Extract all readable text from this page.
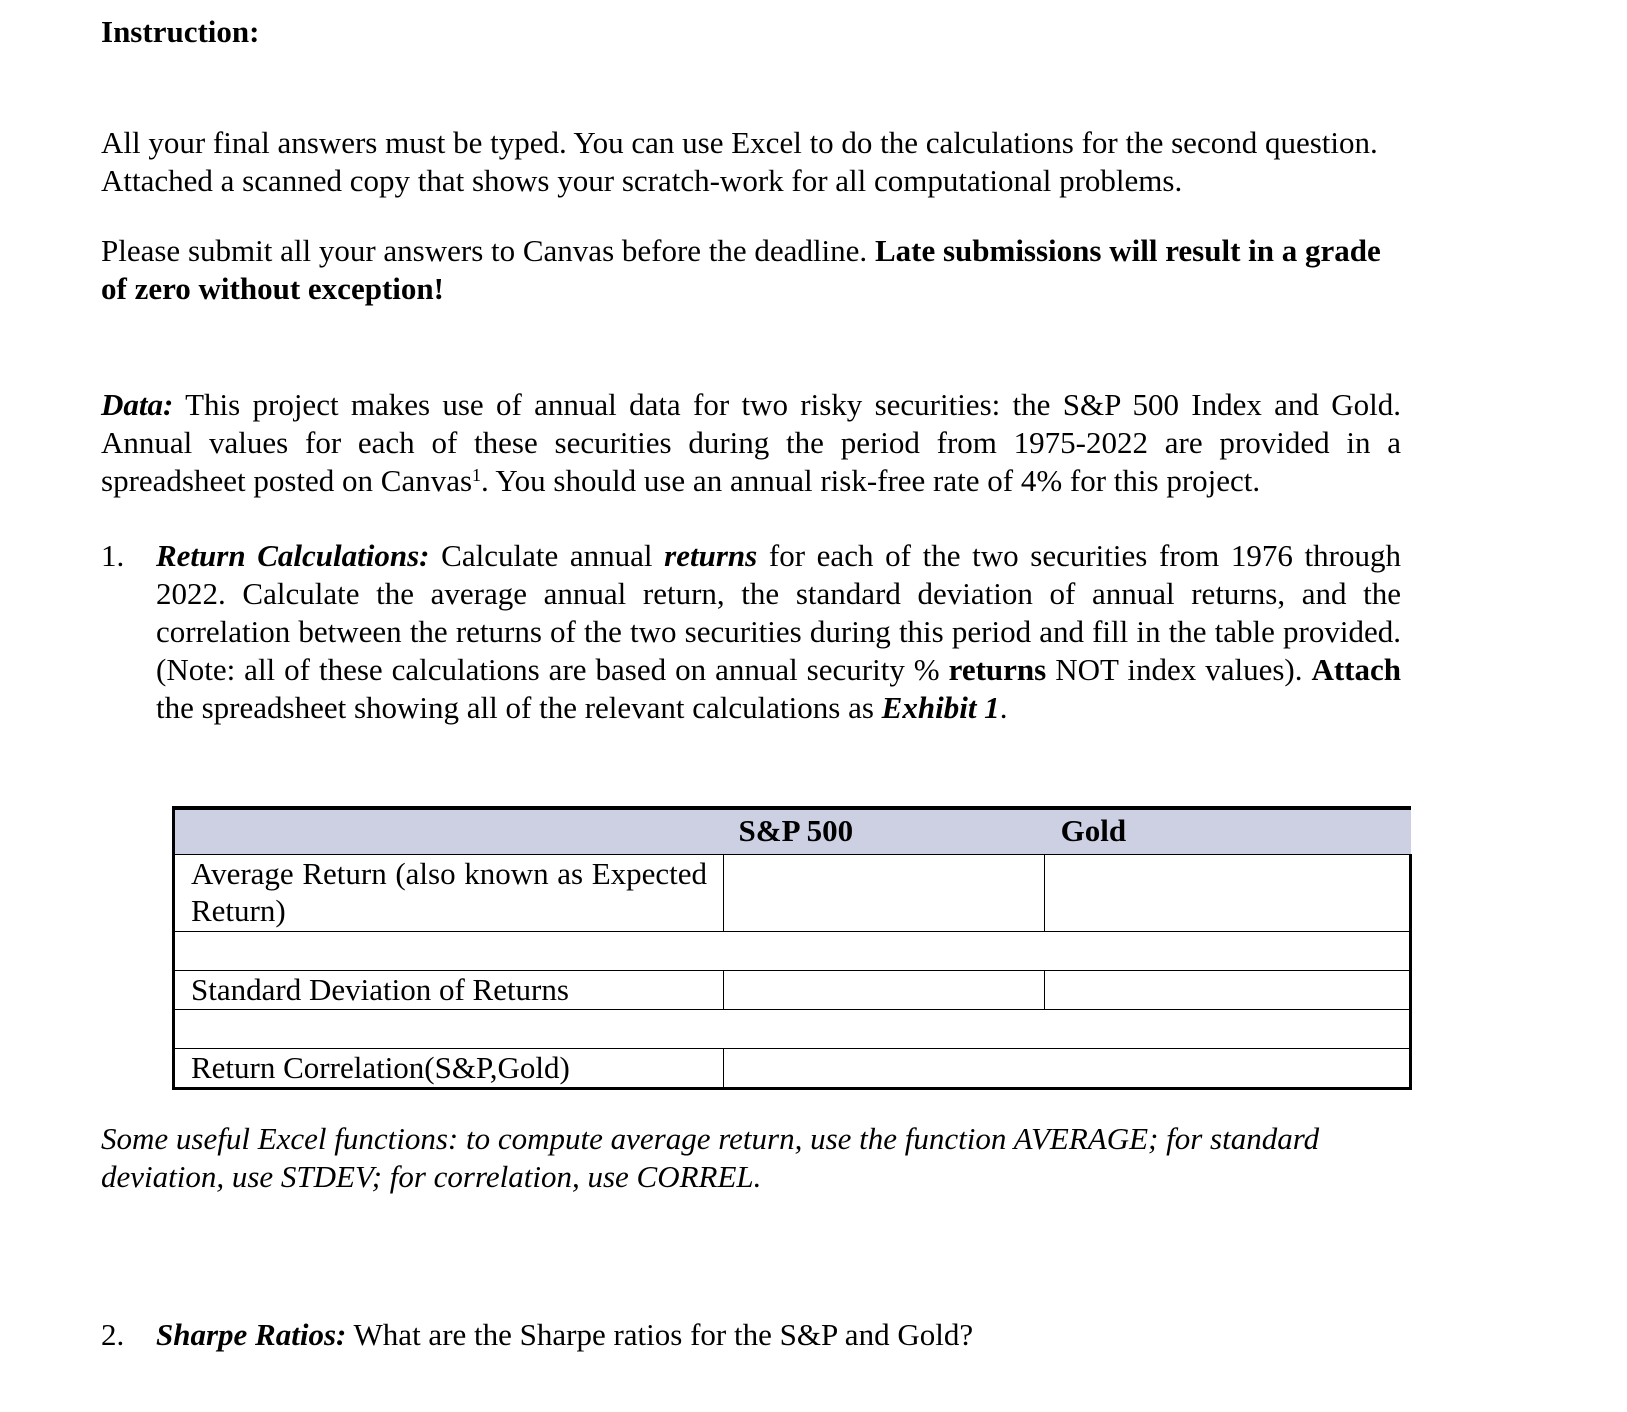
Instruction:

All your final answers must be typed. You can use Excel to do the calculations for the second question. Attached a scanned copy that shows your scratch-work for all computational problems.

Please submit all your answers to Canvas before the deadline. Late submissions will result in a grade of zero without exception!

Data: This project makes use of annual data for two risky securities: the S&P 500 Index and Gold. Annual values for each of these securities during the period from 1975-2022 are provided in a spreadsheet posted on Canvas$^1$. You should use an annual risk-free rate of 4% for this project.

1. Return Calculations: Calculate annual returns for each of the two securities from 1976 through 2022. Calculate the average annual return, the standard deviation of annual returns, and the correlation between the returns of the two securities during this period and fill in the table provided. (Note: all of these calculations are based on annual security % returns NOT index values). Attach the spreadsheet showing all of the relevant calculations as Exhibit 1.

Some useful Excel functions: to compute average return, use the function AVERAGE; for standard deviation, use STDEV; for correlation, use CORREL.

2. Sharpe Ratios: What are the Sharpe ratios for the S&P and Gold?
	S&P 500	Gold
Average Return (also known as Expected Return)		

Standard Deviation of Returns		

Return Correlation(S&P,Gold)		
